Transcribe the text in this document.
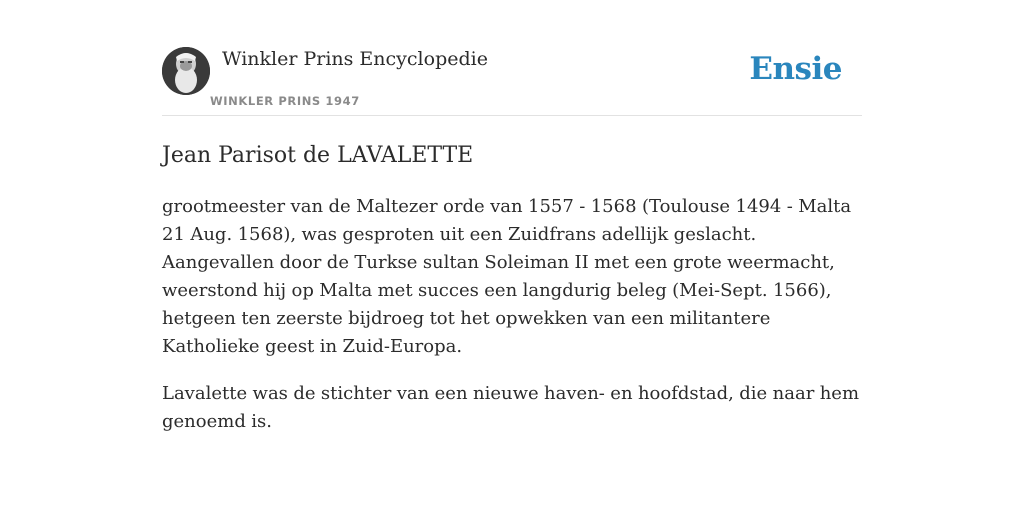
Winkler Prins Encyclopedie
WINKLER PRINS 1947
Ensie
Jean Parisot de LAVALETTE

grootmeester van de Maltezer orde van 1557 - 1568 (Toulouse 1494 - Malta 21 Aug. 1568), was gesproten uit een Zuidfrans adellijk geslacht. Aangevallen door de Turkse sultan Soleiman II met een grote weermacht, weerstond hij op Malta met succes een langdurig beleg (Mei-Sept. 1566), hetgeen ten zeerste bijdroeg tot het opwekken van een militantere Katholieke geest in Zuid-Europa.

Lavalette was de stichter van een nieuwe haven- en hoofdstad, die naar hem genoemd is.
